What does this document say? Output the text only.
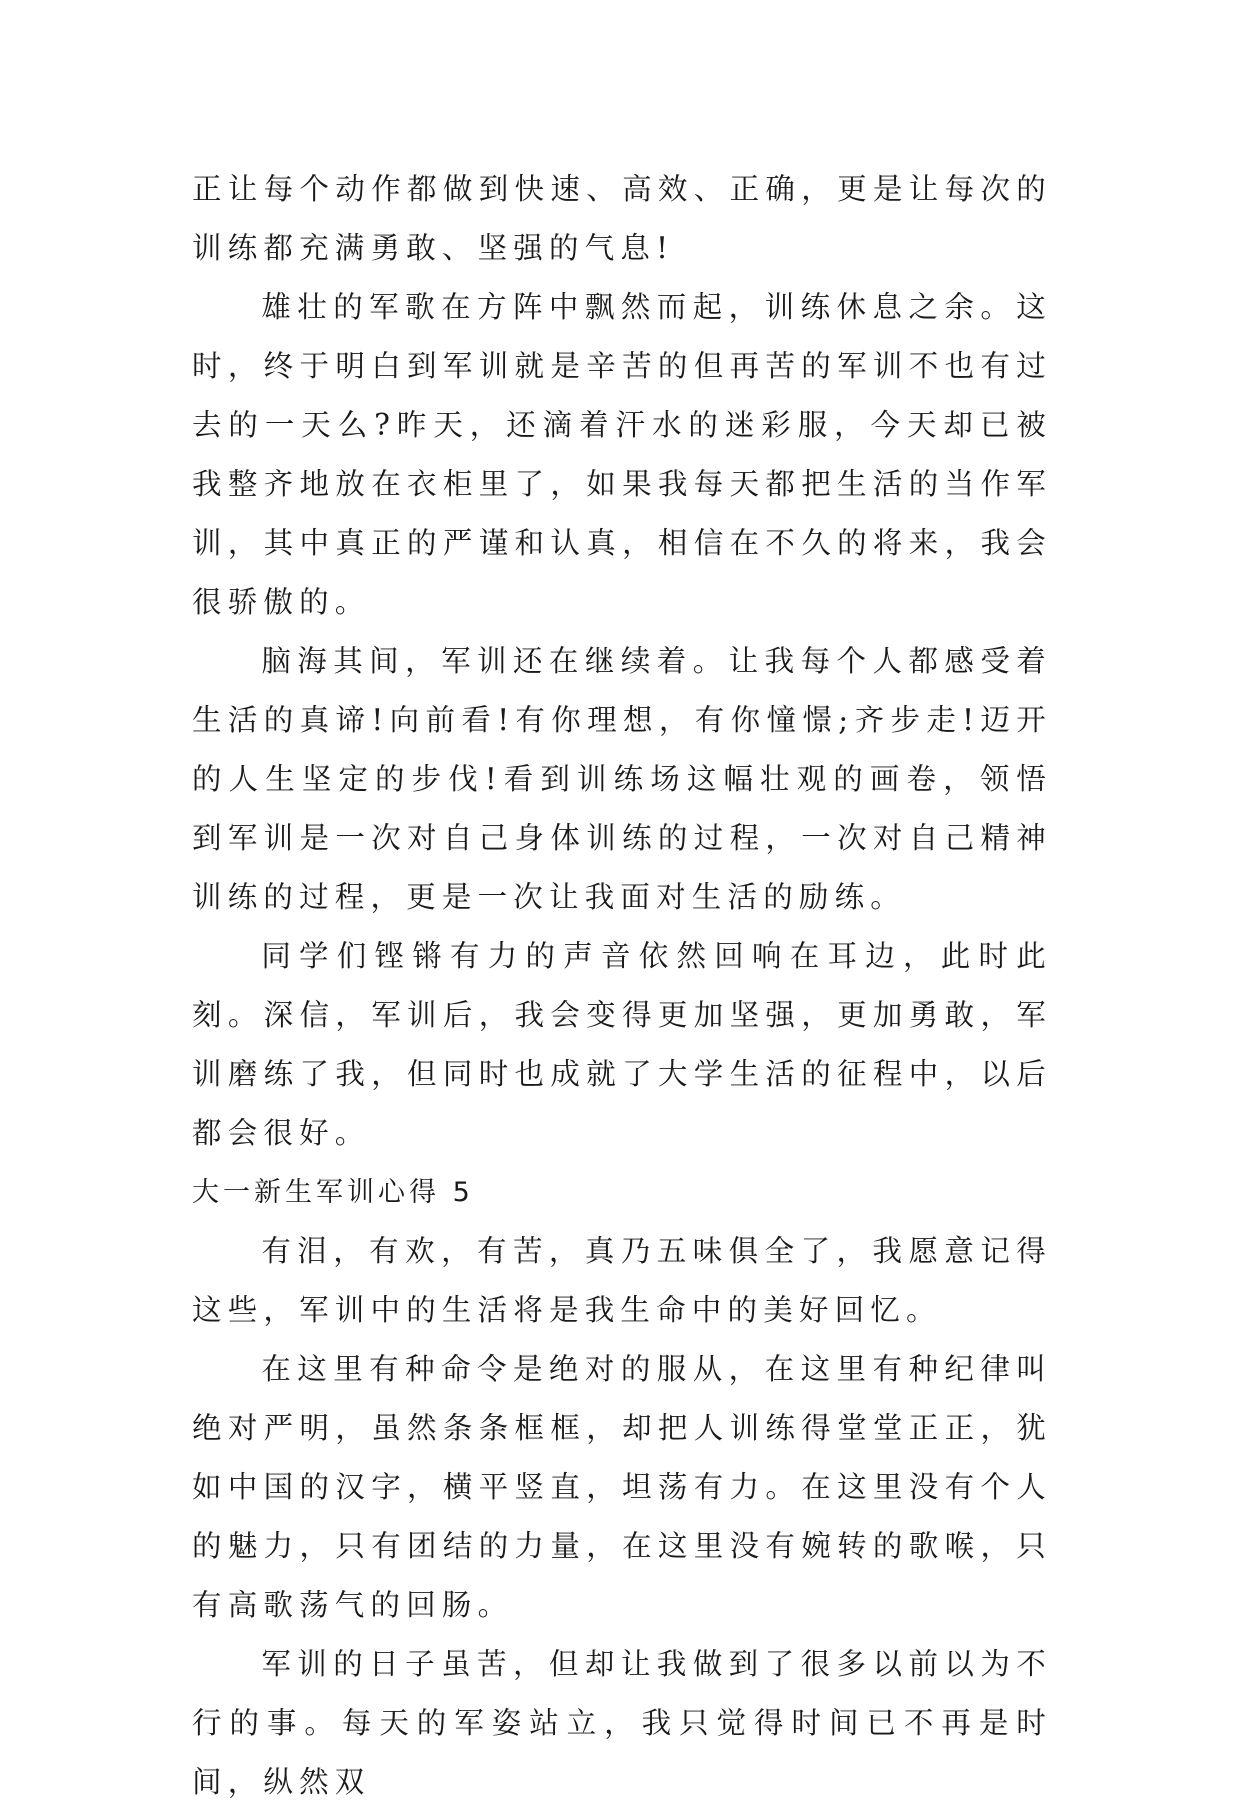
正让每个动作都做到快速、高效、正确，更是让每次的训练都充满勇敢、坚强的气息!

雄壮的军歌在方阵中飘然而起，训练休息之余。这时，终于明白到军训就是辛苦的但再苦的军训不也有过去的一天么?昨天，还滴着汗水的迷彩服，今天却已被我整齐地放在衣柜里了，如果我每天都把生活的当作军训，其中真正的严谨和认真，相信在不久的将来，我会很骄傲的。

脑海其间，军训还在继续着。让我每个人都感受着生活的真谛!向前看!有你理想，有你憧憬;齐步走!迈开的人生坚定的步伐!看到训练场这幅壮观的画卷，领悟到军训是一次对自己身体训练的过程，一次对自己精神训练的过程，更是一次让我面对生活的励练。

同学们铿锵有力的声音依然回响在耳边，此时此刻。深信，军训后，我会变得更加坚强，更加勇敢，军训磨练了我，但同时也成就了大学生活的征程中，以后都会很好。

大一新生军训心得 5

有泪，有欢，有苦，真乃五味俱全了，我愿意记得这些，军训中的生活将是我生命中的美好回忆。

在这里有种命令是绝对的服从，在这里有种纪律叫绝对严明，虽然条条框框，却把人训练得堂堂正正，犹如中国的汉字，横平竖直，坦荡有力。在这里没有个人的魅力，只有团结的力量，在这里没有婉转的歌喉，只有高歌荡气的回肠。

军训的日子虽苦，但却让我做到了很多以前以为不行的事。每天的军姿站立，我只觉得时间已不再是时间，纵然双
